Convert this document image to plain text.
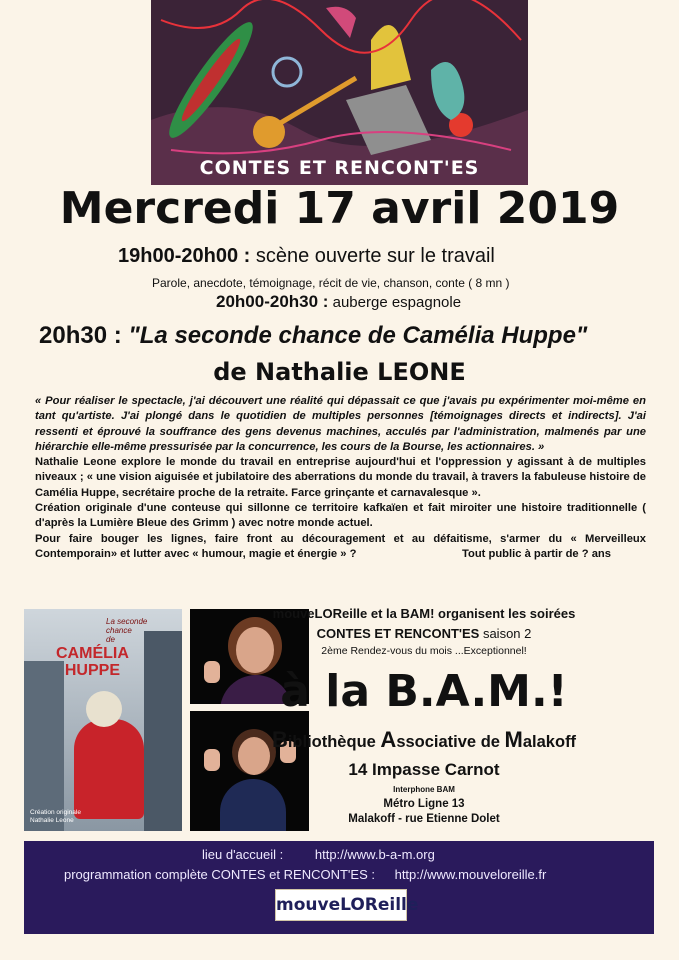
CONTES ET RENCONT'ES
Mercredi 17 avril 2019
19h00-20h00 : scène ouverte sur le travail
Parole, anecdote, témoignage, récit de vie, chanson, conte ( 8 mn )
20h00-20h30 : auberge espagnole
20h30 : "La seconde chance de Camélia Huppe"
de Nathalie LEONE

« Pour réaliser le spectacle, j'ai découvert une réalité qui dépassait ce que j'avais pu expérimenter moi-même en tant qu'artiste. J'ai plongé dans le quotidien de multiples personnes [témoignages directs et indirects]. J'ai ressenti et éprouvé la souffrance des gens devenus machines, acculés par l'administration, malmenés par une hiérarchie elle-même pressurisée par la concurrence, les cours de la Bourse, les actionnaires. »

Nathalie Leone explore le monde du travail en entreprise aujourd'hui et l'oppression y agissant à de multiples niveaux ; « une vision aiguisée et jubilatoire des aberrations du monde du travail, à travers la fabuleuse histoire de Camélia Huppe, secrétaire proche de la retraite. Farce grinçante et carnavalesque ».

Création originale d'une conteuse qui sillonne ce territoire kafkaïen et fait miroiter une histoire traditionnelle ( d'après la Lumière Bleue des Grimm ) avec notre monde actuel.

Pour faire bouger les lignes, faire front au découragement et au défaitisme, s'armer du « Merveilleux Contemporain» et lutter avec « humour, magie et énergie » ?	Tout public à partir de ? ans

La seconde
chance
de
CAMÉLIA
HUPPE
Création originale
Nathalie Leone
mouveLOReille et la BAM! organisent les soirées
CONTES ET RENCONT'ES saison 2
2ème Rendez-vous du mois ...Exceptionnel!
à la B.A.M.!
Bibliothèque Associative de Malakoff
14 Impasse Carnot
Interphone BAM
Métro Ligne 13
Malakoff - rue Etienne Dolet
lieu d'accueil : http://www.b-a-m.org
programmation complète CONTES et RENCONT'ES : http://www.mouveloreille.fr
mouveLOReille
